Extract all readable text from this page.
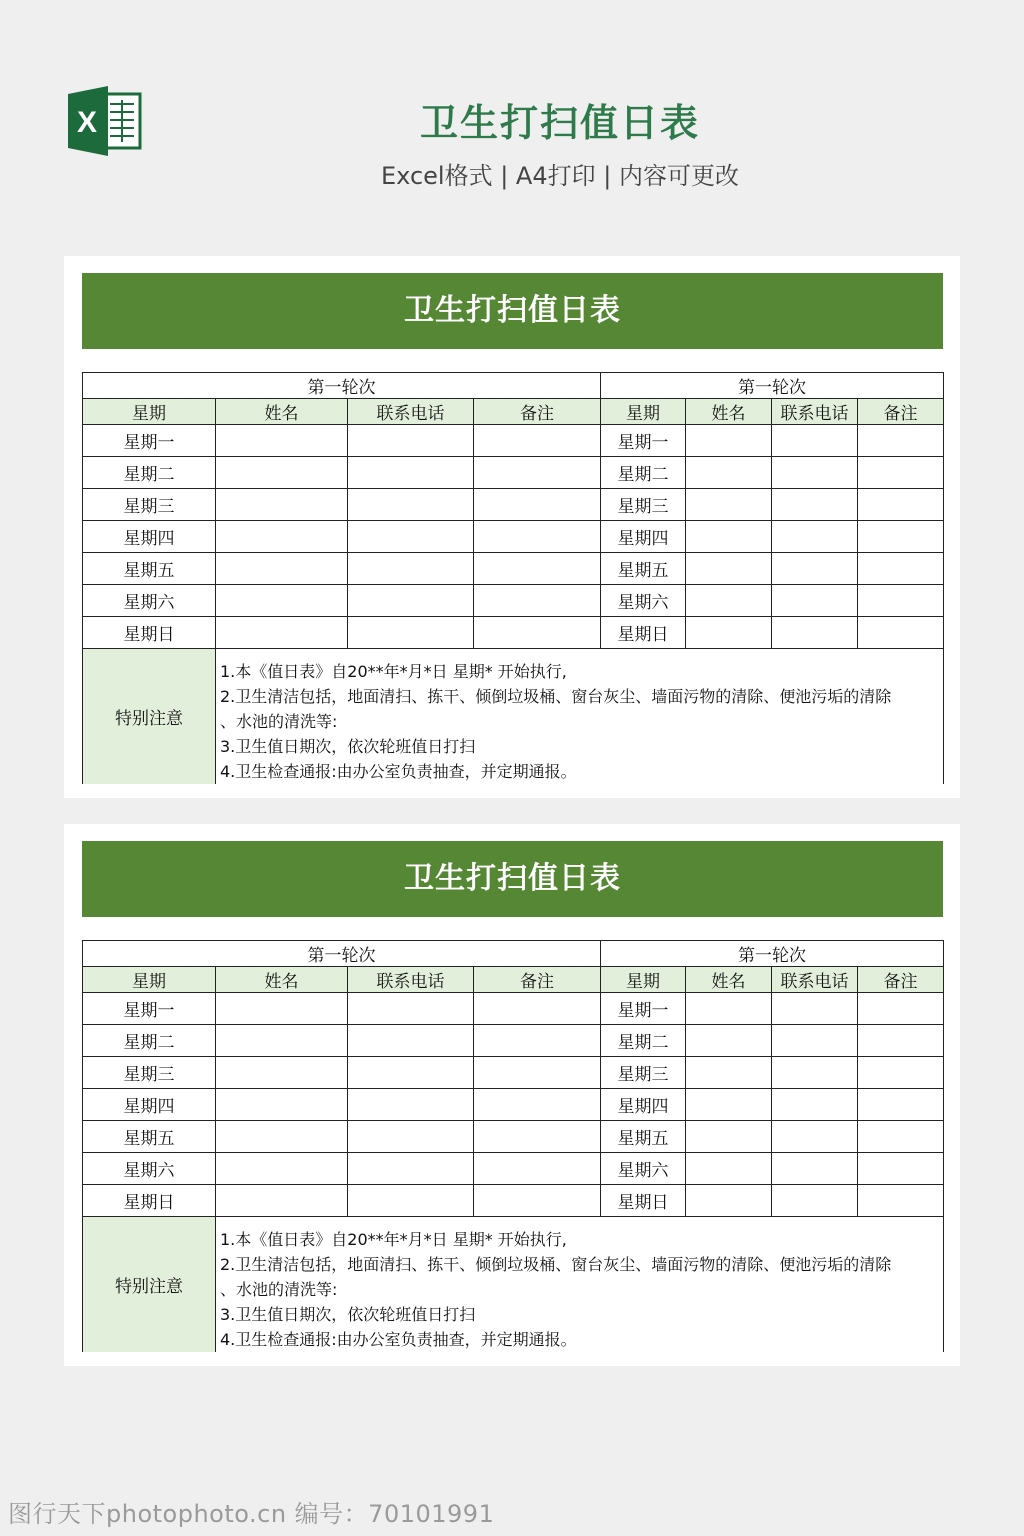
X	卫生打扫值日表
Excel格式 | A4打印 | 内容可更改
卫生打扫值日表
第一轮次				第一轮次			
星期	姓名	联系电话	备注	星期	姓名	联系电话	备注
星期一				星期一			
星期二				星期二			
星期三				星期三			
星期四				星期四			
星期五				星期五			
星期六				星期六			
星期日				星期日			
特别注意	1.本《值日表》自20**年*月*日 星期* 开始执行,
2.卫生清洁包括，地面清扫、拣干、倾倒垃圾桶、窗台灰尘、墙面污物的清除、便池污垢的清除
、水池的清洗等:
3.卫生值日期次，依次轮班值日打扫
4.卫生检查通报:由办公室负责抽查，并定期通报。						
卫生打扫值日表
第一轮次				第一轮次			
星期	姓名	联系电话	备注	星期	姓名	联系电话	备注
星期一				星期一			
星期二				星期二			
星期三				星期三			
星期四				星期四			
星期五				星期五			
星期六				星期六			
星期日				星期日			
特别注意	1.本《值日表》自20**年*月*日 星期* 开始执行,
2.卫生清洁包括，地面清扫、拣干、倾倒垃圾桶、窗台灰尘、墙面污物的清除、便池污垢的清除
、水池的清洗等:
3.卫生值日期次，依次轮班值日打扫
4.卫生检查通报:由办公室负责抽查，并定期通报。						
图行天下photophoto.cn 编号：70101991
